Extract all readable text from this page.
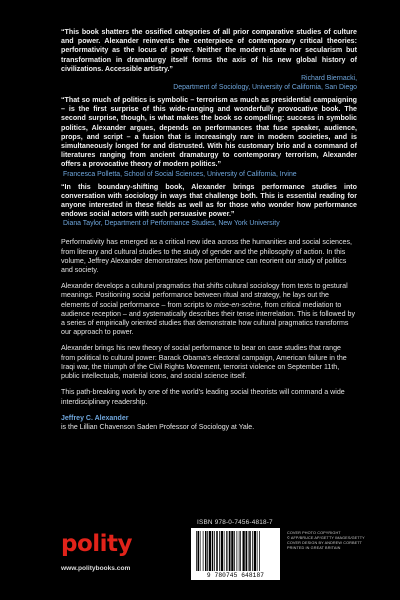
“This book shatters the ossified categories of all prior comparative studies of culture and power. Alexander reinvents the centerpiece of contemporary critical theories: performativity as the locus of power. Neither the modern state nor secularism but transformation in dramaturgy itself forms the axis of his new global history of civilizations. Accessible artistry.”

Richard Biernacki,

Department of Sociology, University of California, San Diego

“That so much of politics is symbolic – terrorism as much as presidential campaigning – is the first surprise of this wide-ranging and wonderfully provocative book. The second surprise, though, is what makes the book so compelling: success in symbolic politics, Alexander argues, depends on performances that fuse speaker, audience, props, and script – a fusion that is increasingly rare in modern societies, and is simultaneously longed for and distrusted. With his customary brio and a command of literatures ranging from ancient dramaturgy to contemporary terrorism, Alexander offers a provocative theory of modern politics.”

Francesca Polletta, School of Social Sciences, University of California, Irvine

“In this boundary-shifting book, Alexander brings performance studies into conversation with sociology in ways that challenge both. This is essential reading for anyone interested in these fields as well as for those who wonder how performance endows social actors with such persuasive power.”

Diana Taylor, Department of Performance Studies, New York University

Performativity has emerged as a critical new idea across the humanities and social sciences, from literary and cultural studies to the study of gender and the philosophy of action. In this volume, Jeffrey Alexander demonstrates how performance can reorient our study of politics and society.

Alexander develops a cultural pragmatics that shifts cultural sociology from texts to gestural meanings. Positioning social performance between ritual and strategy, he lays out the elements of social performance – from scripts to mise-en-scène, from critical mediation to audience reception – and systematically describes their tense interrelation. This is followed by a series of empirically oriented studies that demonstrate how cultural pragmatics transforms our approach to power.

Alexander brings his new theory of social performance to bear on case studies that range from political to cultural power: Barack Obama’s electoral campaign, American failure in the Iraqi war, the triumph of the Civil Rights Movement, terrorist violence on September 11th, public intellectuals, material icons, and social science itself.

This path-breaking work by one of the world’s leading social theorists will command a wide interdisciplinary readership.

Jeffrey C. Alexander

is the Lillian Chavenson Saden Professor of Sociology at Yale.

polity
www.politybooks.com
ISBN 978-0-7456-4818-7
9 780745 648187
COVER PHOTO COPYRIGHT
© AFP/BRUCE AP/GETTY IMAGES/GETTY
COVER DESIGN BY ANDREW CORBETT
PRINTED IN GREAT BRITAIN
